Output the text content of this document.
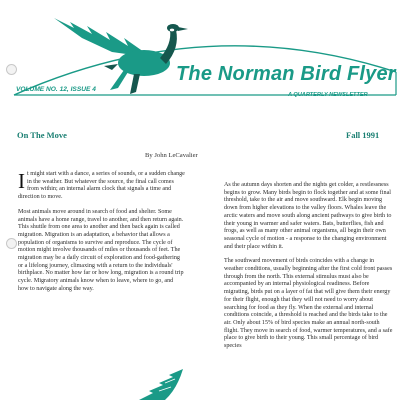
The Norman Bird Flyer
VOLUME NO. 12, ISSUE 4
A QUARTERLY NEWSLETTER
On The Move	Fall 1991
By John LeCavalier

It might start with a dance, a series of sounds, or a sudden change in the weather. But whatever the source, the final call comes from within; an internal alarm clock that signals a time and direction to move.

Most animals move around in search of food and shelter. Some animals have a home range, travel to another, and then return again. This shuttle from one area to another and then back again is called migration. Migration is an adaptation, a behavior that allows a population of organisms to survive and reproduce. The cycle of motion might involve thousands of miles or thousands of feet. The migration may be a daily circuit of exploration and food-gathering or a lifelong journey, climaxing with a return to the individuals' birthplace. No matter how far or how long, migration is a round trip cycle. Migratory animals know when to leave, where to go, and how to navigate along the way.

As the autumn days shorten and the nights get colder, a restlessness begins to grow. Many birds begin to flock together and at some final threshold, take to the air and move southward. Elk begin moving down from higher elevations to the valley floors. Whales leave the arctic waters and move south along ancient pathways to give birth to their young in warmer and safer waters. Bats, butterflies, fish and frogs, as well as many other animal organisms, all begin their own seasonal cycle of motion - a response to the changing environment and their place within it.

The southward movement of birds coincides with a change in weather conditions, usually beginning after the first cold front passes through from the north. This external stimulus must also be accompanied by an internal physiological readiness. Before migrating, birds put on a layer of fat that will give them their energy for their flight, enough that they will not need to worry about searching for food as they fly. When the external and internal conditions coincide, a threshold is reached and the birds take to the air. Only about 15% of bird species make an annual north-south flight. They move in search of food, warmer temperatures, and a safe place to give birth to their young. This small percentage of bird species
